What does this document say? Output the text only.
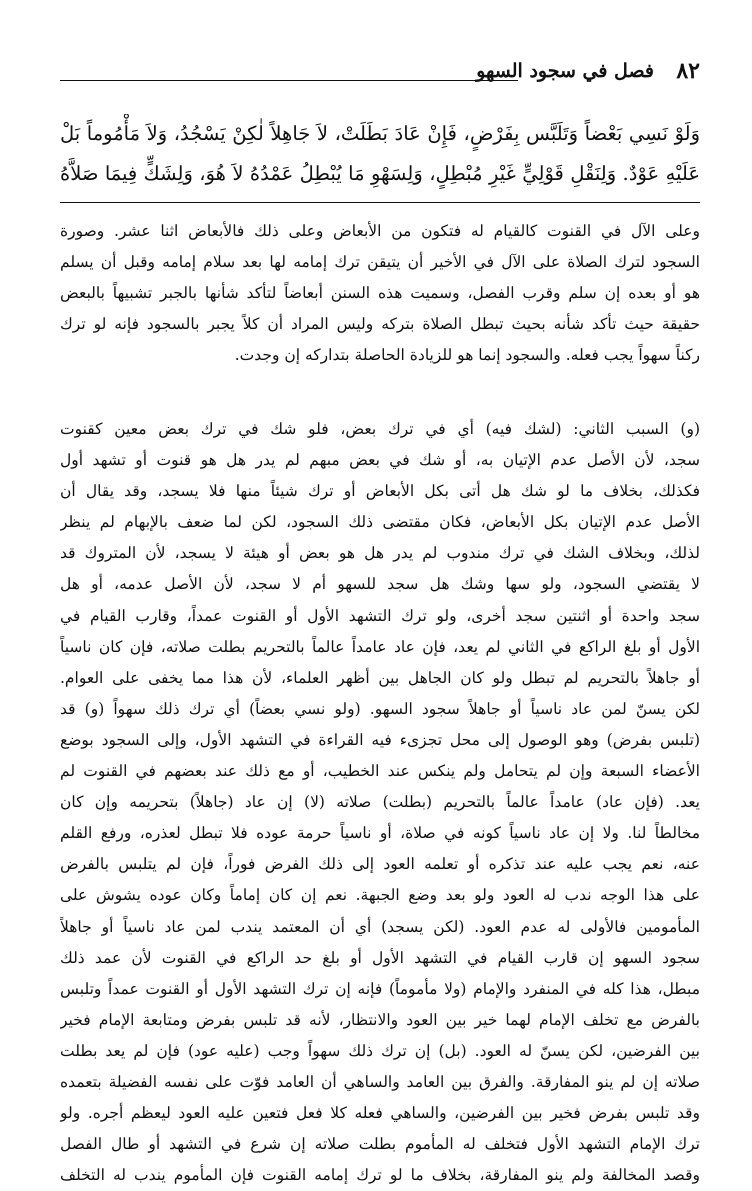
٨٢
فصل في سجود السهو
وَلَوْ نَسِي بَعْضاً وَتَلَبَّس بِفَرْضٍ، فَإِنْ عَادَ بَطَلَتْ، لاَ جَاهِلاً لٰكِنْ يَسْجُدُ، وَلاَ مَأْمُوماً بَلْ
عَلَيْهِ عَوْدٌ. وَلِنَقْلِ قَوْلِيٍّ غَيْرِ مُبْطِلٍ، وَلِسَهْوِ مَا يُبْطِلُ عَمْدُهُ لاَ هُوَ، وَلِشَكٍّ فِيمَا صَلاَّهُ
وعلى الآل في القنوت كالقيام له فتكون من الأبعاض وعلى ذلك فالأبعاض اثنا عشر. وصورة
السجود لترك الصلاة على الآل في الأخير أن يتيقن ترك إمامه لها بعد سلام إمامه وقبل أن يسلم
هو أو بعده إن سلم وقرب الفصل، وسميت هذه السنن أبعاضاً لتأكد شأنها بالجبر تشبيهاً بالبعض
حقيقة حيث تأكد شأنه بحيث تبطل الصلاة بتركه وليس المراد أن كلاً يجبر بالسجود فإنه لو ترك
ركناً سهواً يجب فعله. والسجود إنما هو للزيادة الحاصلة بتداركه إن وجدت.
(و) السبب الثاني: (لشك فيه) أي في ترك بعض، فلو شك في ترك بعض معين كقنوت
سجد، لأن الأصل عدم الإتيان به، أو شك في بعض مبهم لم يدر هل هو قنوت أو تشهد أول
فكذلك، بخلاف ما لو شك هل أتى بكل الأبعاض أو ترك شيئاً منها فلا يسجد، وقد يقال أن
الأصل عدم الإتيان بكل الأبعاض، فكان مقتضى ذلك السجود، لكن لما ضعف بالإبهام لم ينظر
لذلك، وبخلاف الشك في ترك مندوب لم يدر هل هو بعض أو هيئة لا يسجد، لأن المتروك قد
لا يقتضي السجود، ولو سها وشك هل سجد للسهو أم لا سجد، لأن الأصل عدمه، أو هل
سجد واحدة أو اثنتين سجد أخرى، ولو ترك التشهد الأول أو القنوت عمداً، وقارب القيام في
الأول أو بلغ الراكع في الثاني لم يعد، فإن عاد عامداً عالماً بالتحريم بطلت صلاته، فإن كان ناسياً
أو جاهلاً بالتحريم لم تبطل ولو كان الجاهل بين أظهر العلماء، لأن هذا مما يخفى على العوام.
لكن يسنّ لمن عاد ناسياً أو جاهلاً سجود السهو. (ولو نسي بعضاً) أي ترك ذلك سهواً (و) قد
(تلبس بفرض) وهو الوصول إلى محل تجزىء فيه القراءة في التشهد الأول، وإلى السجود بوضع
الأعضاء السبعة وإن لم يتحامل ولم ينكس عند الخطيب، أو مع ذلك عند بعضهم في القنوت لم
يعد. (فإن عاد) عامداً عالماً بالتحريم (بطلت) صلاته (لا) إن عاد (جاهلاً) بتحريمه وإن كان
مخالطاً لنا. ولا إن عاد ناسياً كونه في صلاة، أو ناسياً حرمة عوده فلا تبطل لعذره، ورفع القلم
عنه، نعم يجب عليه عند تذكره أو تعلمه العود إلى ذلك الفرض فوراً، فإن لم يتلبس بالفرض
على هذا الوجه ندب له العود ولو بعد وضع الجبهة. نعم إن كان إماماً وكان عوده يشوش على
المأمومين فالأولى له عدم العود. (لكن يسجد) أي أن المعتمد يندب لمن عاد ناسياً أو جاهلاً
سجود السهو إن قارب القيام في التشهد الأول أو بلغ حد الراكع في القنوت لأن عمد ذلك
مبطل، هذا كله في المنفرد والإمام (ولا مأموماً) فإنه إن ترك التشهد الأول أو القنوت عمداً وتلبس
بالفرض مع تخلف الإمام لهما خير بين العود والانتظار، لأنه قد تلبس بفرض ومتابعة الإمام فخير
بين الفرضين، لكن يسنّ له العود. (بل) إن ترك ذلك سهواً وجب (عليه عود) فإن لم يعد بطلت
صلاته إن لم ينو المفارقة. والفرق بين العامد والساهي أن العامد فوّت على نفسه الفضيلة بتعمده
وقد تلبس بفرض فخير بين الفرضين، والساهي فعله كلا فعل فتعين عليه العود ليعظم أجره. ولو
ترك الإمام التشهد الأول فتخلف له المأموم بطلت صلاته إن شرع في التشهد أو طال الفصل
وقصد المخالفة ولم ينو المفارقة، بخلاف ما لو ترك إمامه القنوت فإن المأموم يندب له التخلف
